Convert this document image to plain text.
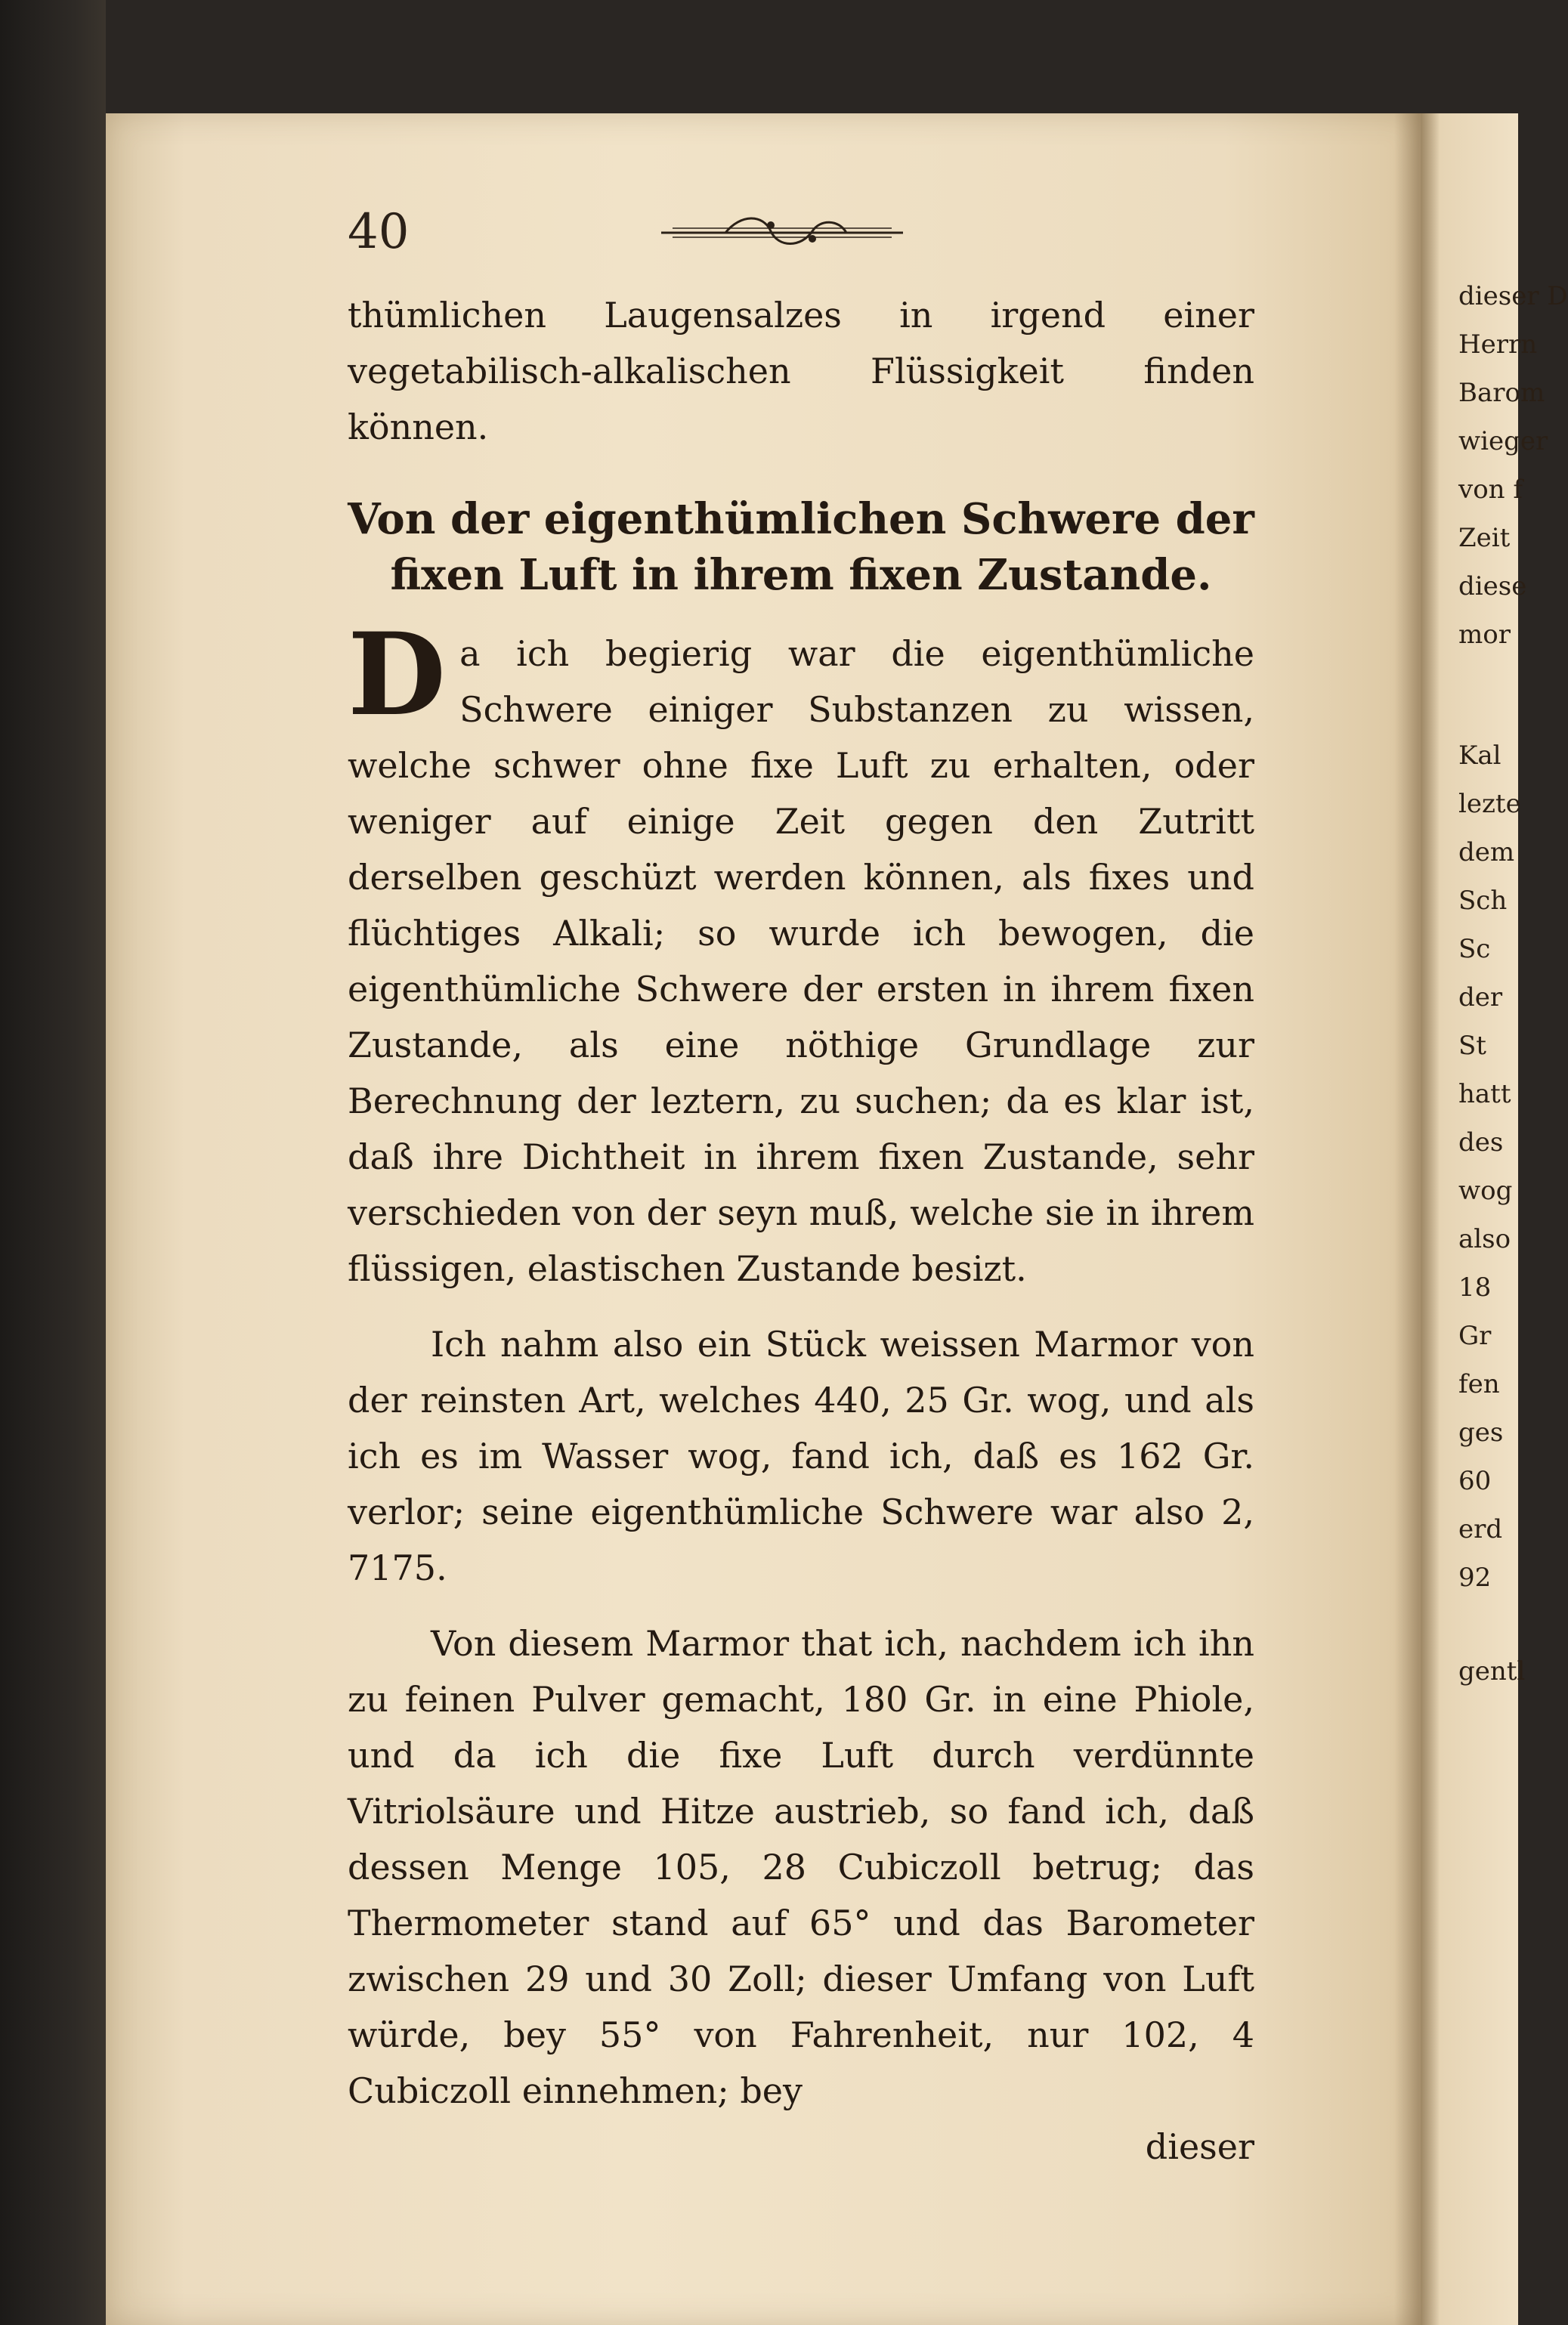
40

thümlichen Laugensalzes in irgend einer vegetabilisch-alkalischen Flüssigkeit finden können.

Von der eigenthümlichen Schwere der fixen Luft in ihrem fixen Zustande.

Da ich begierig war die eigenthümliche Schwere einiger Substanzen zu wissen, welche schwer ohne fixe Luft zu erhalten, oder weniger auf einige Zeit gegen den Zutritt derselben geschüzt werden können, als fixes und flüchtiges Alkali; so wurde ich bewogen, die eigenthümliche Schwere der ersten in ihrem fixen Zustande, als eine nöthige Grundlage zur Berechnung der leztern, zu suchen; da es klar ist, daß ihre Dichtheit in ihrem fixen Zustande, sehr verschieden von der seyn muß, welche sie in ihrem flüssigen, elastischen Zustande besizt.

Ich nahm also ein Stück weissen Marmor von der reinsten Art, welches 440, 25 Gr. wog, und als ich es im Wasser wog, fand ich, daß es 162 Gr. verlor; seine eigenthümliche Schwere war also 2, 7175.

Von diesem Marmor that ich, nachdem ich ihn zu feinen Pulver gemacht, 180 Gr. in eine Phiole, und da ich die fixe Luft durch verdünnte Vitriolsäure und Hitze austrieb, so fand ich, daß dessen Menge 105, 28 Cubiczoll betrug; das Thermometer stand auf 65° und das Barometer zwischen 29 und 30 Zoll; dieser Umfang von Luft würde, bey 55° von Fahrenheit, nur 102, 4 Cubiczoll einnehmen; bey

dieser
dieser D
Herrn
Barom
wieger
von f
Zeit
diese
mor
Kal
lezte
dem
Sch
Sc
der
St
hatt
des
wog
also
18
Gr
fen
ges
60
erd
92
gentl
